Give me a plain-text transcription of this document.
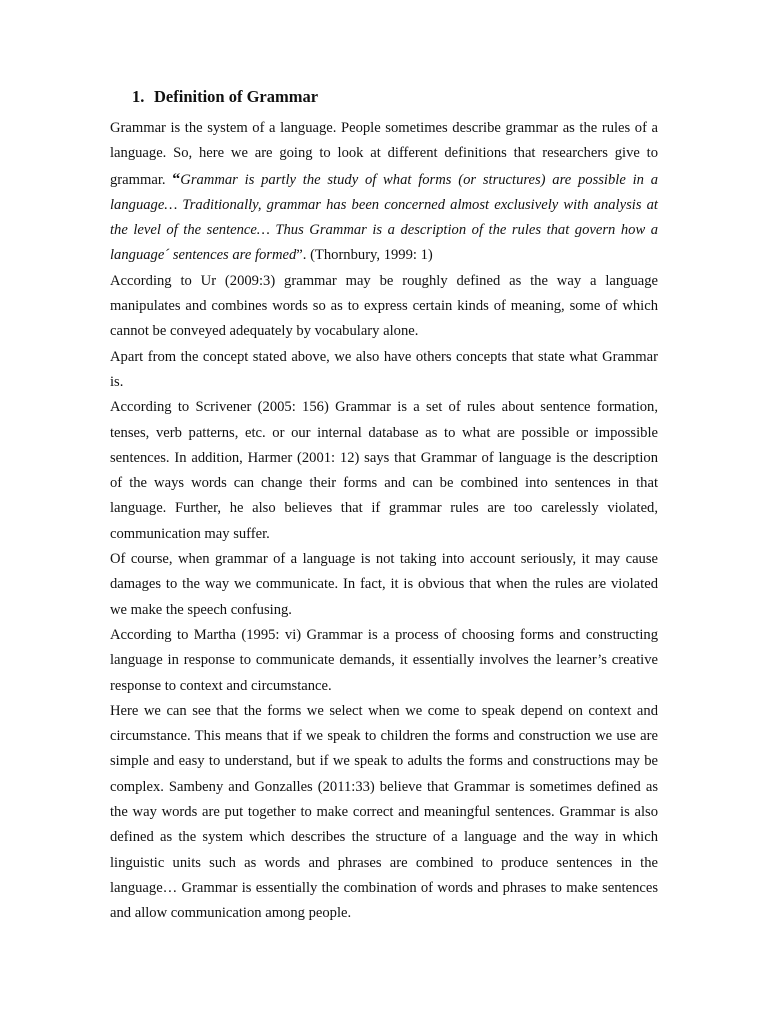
1. Definition of Grammar

Grammar is the system of a language. People sometimes describe grammar as the rules of a language. So, here we are going to look at different definitions that researchers give to grammar. “Grammar is partly the study of what forms (or structures) are possible in a language… Traditionally, grammar has been concerned almost exclusively with analysis at the level of the sentence… Thus Grammar is a description of the rules that govern how a language´ sentences are formed”. (Thornbury, 1999: 1)

According to Ur (2009:3) grammar may be roughly defined as the way a language manipulates and combines words so as to express certain kinds of meaning, some of which cannot be conveyed adequately by vocabulary alone.

Apart from the concept stated above, we also have others concepts that state what Grammar is.

According to Scrivener (2005: 156) Grammar is a set of rules about sentence formation, tenses, verb patterns, etc. or our internal database as to what are possible or impossible sentences. In addition, Harmer (2001: 12) says that Grammar of language is the description of the ways words can change their forms and can be combined into sentences in that language. Further, he also believes that if grammar rules are too carelessly violated, communication may suffer.

Of course, when grammar of a language is not taking into account seriously, it may cause damages to the way we communicate. In fact, it is obvious that when the rules are violated we make the speech confusing.

According to Martha (1995: vi) Grammar is a process of choosing forms and constructing language in response to communicate demands, it essentially involves the learner’s creative response to context and circumstance.

Here we can see that the forms we select when we come to speak depend on context and circumstance. This means that if we speak to children the forms and construction we use are simple and easy to understand, but if we speak to adults the forms and constructions may be complex. Sambeny and Gonzalles (2011:33) believe that Grammar is sometimes defined as the way words are put together to make correct and meaningful sentences. Grammar is also defined as the system which describes the structure of a language and the way in which linguistic units such as words and phrases are combined to produce sentences in the language… Grammar is essentially the combination of words and phrases to make sentences and allow communication among people.
